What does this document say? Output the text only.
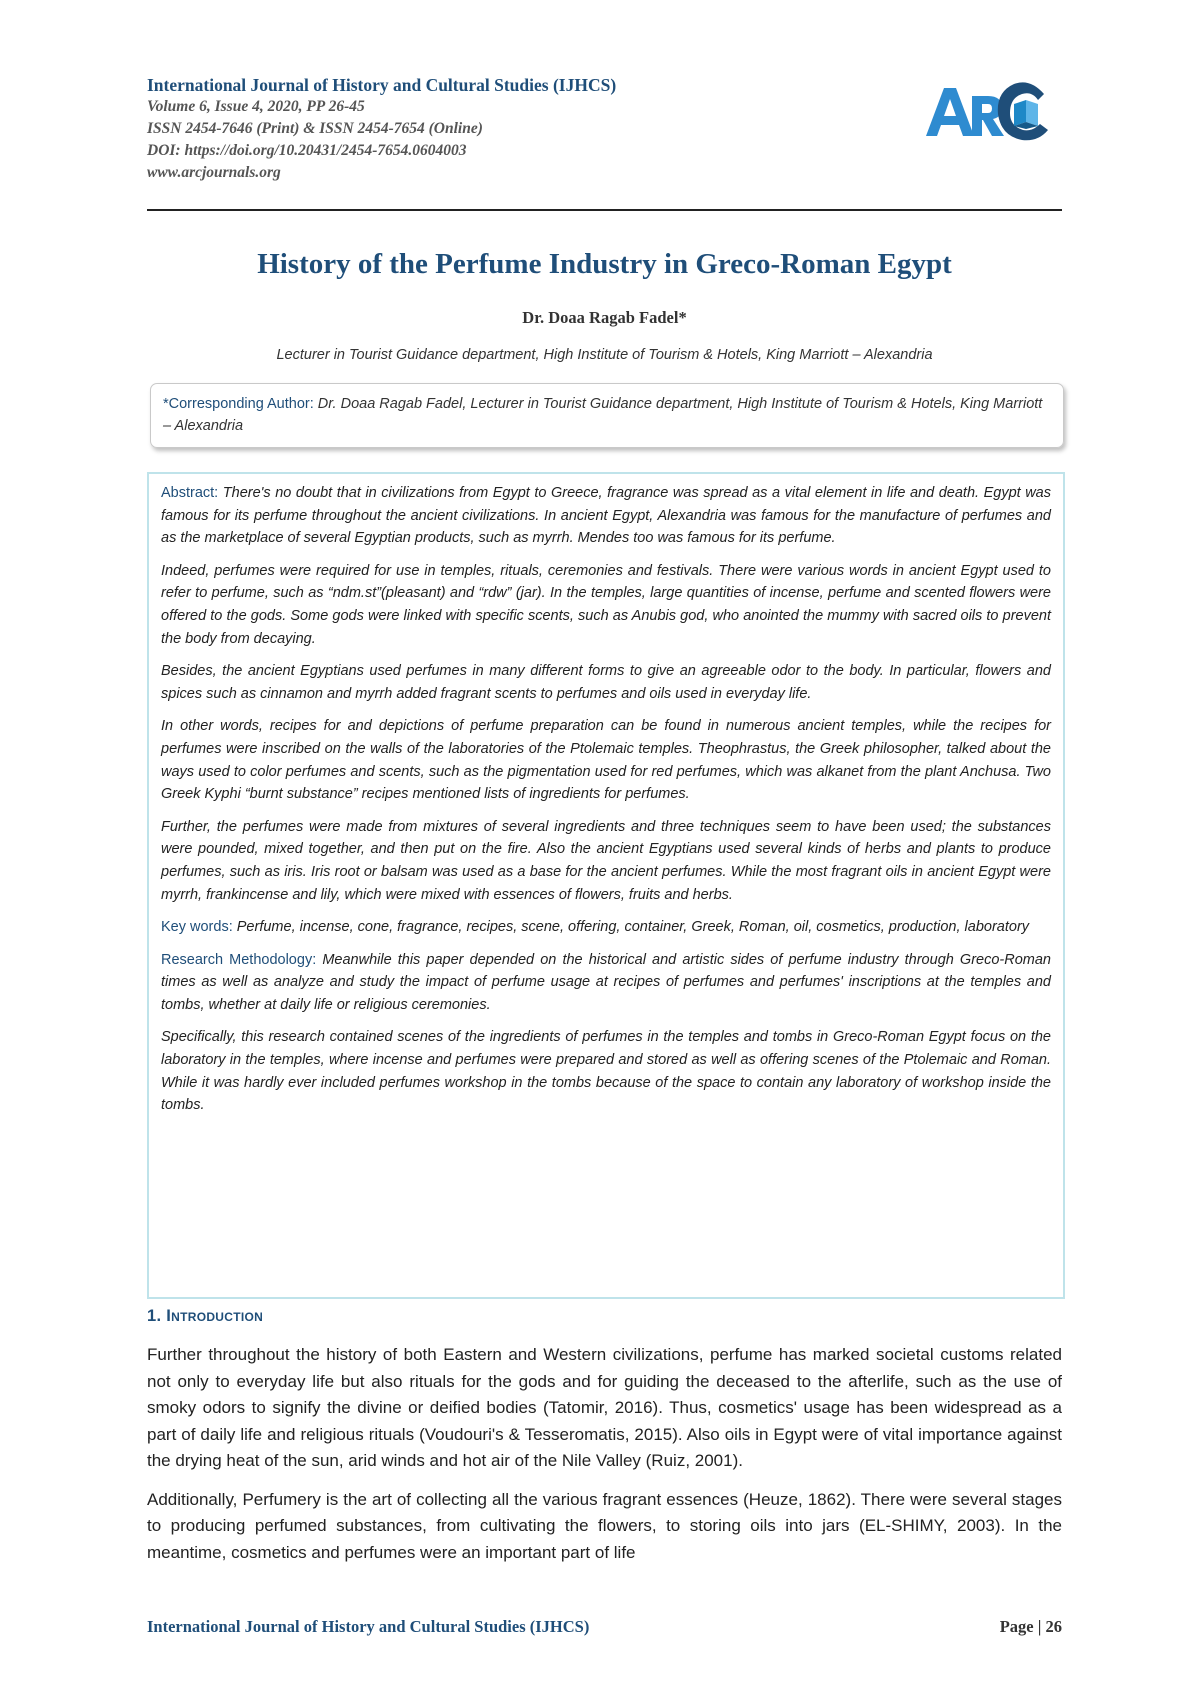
International Journal of History and Cultural Studies (IJHCS)
Volume 6, Issue 4, 2020, PP 26-45
ISSN 2454-7646 (Print) & ISSN 2454-7654 (Online)
DOI: https://doi.org/10.20431/2454-7654.0604003
www.arcjournals.org
History of the Perfume Industry in Greco-Roman Egypt
Dr. Doaa Ragab Fadel*
Lecturer in Tourist Guidance department, High Institute of Tourism & Hotels, King Marriott – Alexandria
*Corresponding Author: Dr. Doaa Ragab Fadel, Lecturer in Tourist Guidance department, High Institute of Tourism & Hotels, King Marriott – Alexandria

Abstract: There's no doubt that in civilizations from Egypt to Greece, fragrance was spread as a vital element in life and death. Egypt was famous for its perfume throughout the ancient civilizations. In ancient Egypt, Alexandria was famous for the manufacture of perfumes and as the marketplace of several Egyptian products, such as myrrh. Mendes too was famous for its perfume.

Indeed, perfumes were required for use in temples, rituals, ceremonies and festivals. There were various words in ancient Egypt used to refer to perfume, such as “ndm.st”(pleasant) and “rdw” (jar). In the temples, large quantities of incense, perfume and scented flowers were offered to the gods. Some gods were linked with specific scents, such as Anubis god, who anointed the mummy with sacred oils to prevent the body from decaying.

Besides, the ancient Egyptians used perfumes in many different forms to give an agreeable odor to the body. In particular, flowers and spices such as cinnamon and myrrh added fragrant scents to perfumes and oils used in everyday life.

In other words, recipes for and depictions of perfume preparation can be found in numerous ancient temples, while the recipes for perfumes were inscribed on the walls of the laboratories of the Ptolemaic temples. Theophrastus, the Greek philosopher, talked about the ways used to color perfumes and scents, such as the pigmentation used for red perfumes, which was alkanet from the plant Anchusa. Two Greek Kyphi “burnt substance” recipes mentioned lists of ingredients for perfumes.

Further, the perfumes were made from mixtures of several ingredients and three techniques seem to have been used; the substances were pounded, mixed together, and then put on the fire. Also the ancient Egyptians used several kinds of herbs and plants to produce perfumes, such as iris. Iris root or balsam was used as a base for the ancient perfumes. While the most fragrant oils in ancient Egypt were myrrh, frankincense and lily, which were mixed with essences of flowers, fruits and herbs.

Key words: Perfume, incense, cone, fragrance, recipes, scene, offering, container, Greek, Roman, oil, cosmetics, production, laboratory

Research Methodology: Meanwhile this paper depended on the historical and artistic sides of perfume industry through Greco-Roman times as well as analyze and study the impact of perfume usage at recipes of perfumes and perfumes' inscriptions at the temples and tombs, whether at daily life or religious ceremonies.

Specifically, this research contained scenes of the ingredients of perfumes in the temples and tombs in Greco-Roman Egypt focus on the laboratory in the temples, where incense and perfumes were prepared and stored as well as offering scenes of the Ptolemaic and Roman. While it was hardly ever included perfumes workshop in the tombs because of the space to contain any laboratory of workshop inside the tombs.

1. Introduction

Further throughout the history of both Eastern and Western civilizations, perfume has marked societal customs related not only to everyday life but also rituals for the gods and for guiding the deceased to the afterlife, such as the use of smoky odors to signify the divine or deified bodies (Tatomir, 2016). Thus, cosmetics' usage has been widespread as a part of daily life and religious rituals (Voudouri's & Tesseromatis, 2015). Also oils in Egypt were of vital importance against the drying heat of the sun, arid winds and hot air of the Nile Valley (Ruiz, 2001).

Additionally, Perfumery is the art of collecting all the various fragrant essences (Heuze, 1862). There were several stages to producing perfumed substances, from cultivating the flowers, to storing oils into jars (EL-SHIMY, 2003). In the meantime, cosmetics and perfumes were an important part of life

International Journal of History and Cultural Studies (IJHCS)	Page | 26
